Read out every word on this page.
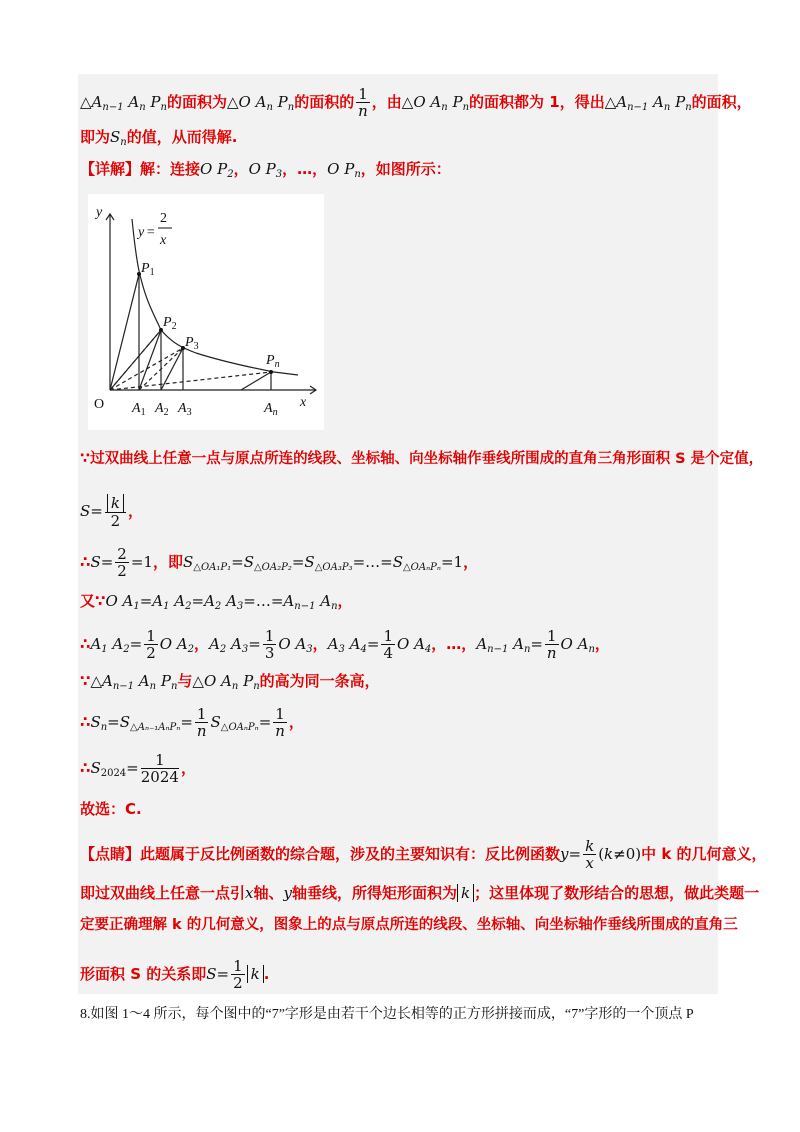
$\triangle A_{n-1}$ $A_n$ $P_n$的面积为△O $A_n$ $P_n$的面积的 $\frac{1}{n}$ ，由△O $A_n$ $P_n$的面积都为 1，得出$\triangle A_{n-1}$ $A_n$ $P_n$的面积，
即为$S_n$的值，从而得解.
【详解】解：连接O $P_2$，O $P_3$，…，O $P_n$，如图所示：
y
x
O
y =
2
x
$P_1$
$P_2$
$P_3$
$P_n$
$A_1$ $A_2$ $A_3$	$A_n$
∵过双曲线上任意一点与原点所连的线段、坐标轴、向坐标轴作垂线所围成的直角三角形面积 S 是个定值，
$S= \frac{k}{2}$ ，
∴S= $\frac{2}{2} =1$，即$S_{\triangle OA_1P_1}=S_{\triangle OA_2P_2}=S_{\triangle OA_3P_3}=\dots=S_{\triangle OA_nP_n}=1$，
又∵O $A_1=A_1$ $A_2=A_2$ $A_3=\dots=A_{n-1}$ $A_n$，
$\therefore A_1$ $A_2= \frac{1}{2}$ O $A_2$，$A_2$ $A_3= \frac{1}{3}$ O $A_3$，$A_3$ $A_4= \frac{1}{4}$ O $A_4$，…，$A_{n-1}$ $A_n= \frac{1}{n}$ O $A_n$，
$\because\triangle A_{n-1}$ $A_n$ $P_n$与△O $A_n$ $P_n$的高为同一条高，
$\therefore S_n=S_{\triangle A_{n-1}A_nP_n}= \frac{1}{n} S_{\triangle OA_nP_n}= \frac{1}{n}$ ，
$\therefore S_{2024}= \frac{1}{2024}$ ，
故选：C.
【点睛】此题属于反比例函数的综合题，涉及的主要知识有：反比例函数$y= \frac{k}{x} (k\ne 0)$中 k 的几何意义，
即过双曲线上任意一点引x轴、y轴垂线，所得矩形面积为 k ；这里体现了数形结合的思想，做此类题一
定要正确理解 k 的几何意义，图象上的点与原点所连的线段、坐标轴、向坐标轴作垂线所围成的直角三
形面积 S 的关系即$S= \frac{1}{2}$ k .
8.如图 1～4 所示，每个图中的“7”字形是由若干个边长相等的正方形拼接而成，“7”字形的一个顶点 P
